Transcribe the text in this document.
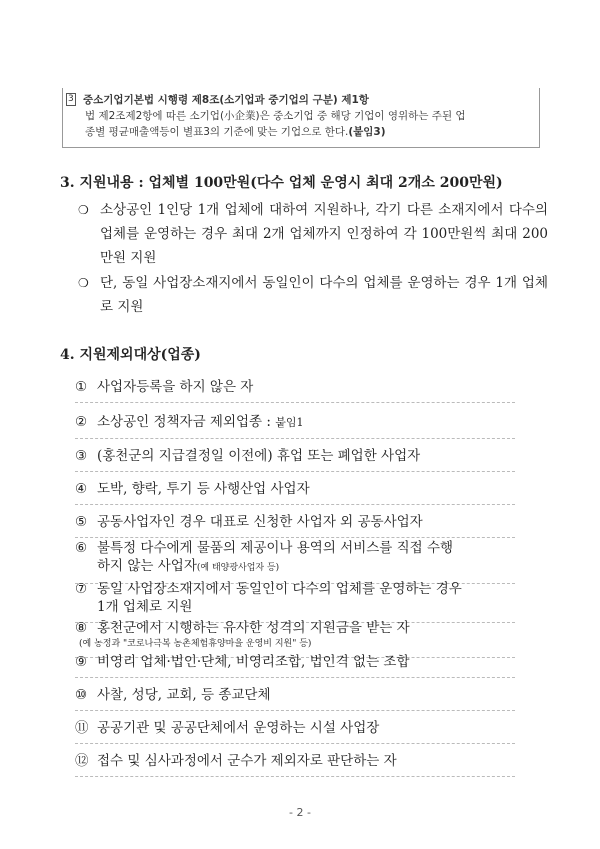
3 중소기업기본법 시행령 제8조(소기업과 중기업의 구분) 제1항
법 제2조제2항에 따른 소기업(小企業)은 중소기업 중 해당 기업이 영위하는 주된 업
종별 평균매출액등이 별표3의 기준에 맞는 기업으로 한다.(붙임3)
3. 지원내용 : 업체별 100만원(다수 업체 운영시 최대 2개소 200만원)
❍ 소상공인 1인당 1개 업체에 대하여 지원하나, 각기 다른 소재지에서 다수의 업체를 운영하는 경우 최대 2개 업체까지 인정하여 각 100만원씩 최대 200만원 지원
❍ 단, 동일 사업장소재지에서 동일인이 다수의 업체를 운영하는 경우 1개 업체로 지원
4. 지원제외대상(업종)
① 사업자등록을 하지 않은 자
② 소상공인 정책자금 제외업종 : 붙임1
③ (홍천군의 지급결정일 이전에) 휴업 또는 폐업한 사업자
④ 도박, 향락, 투기 등 사행산업 사업자
⑤ 공동사업자인 경우 대표로 신청한 사업자 외 공동사업자
⑥ 불특정 다수에게 물품의 제공이나 용역의 서비스를 직접 수행
하지 않는 사업자(예 태양광사업자 등)
⑦ 동일 사업장소재지에서 동일인이 다수의 업체를 운영하는 경우
1개 업체로 지원
⑧ 홍천군에서 시행하는 유사한 성격의 지원금을 받는 자
(예 농정과 "코로나극복 농촌체험휴양마을 운영비 지원" 등)
⑨ 비영리 업체·법인·단체, 비영리조합, 법인격 없는 조합
⑩ 사찰, 성당, 교회, 등 종교단체
⑪ 공공기관 및 공공단체에서 운영하는 시설 사업장
⑫ 접수 및 심사과정에서 군수가 제외자로 판단하는 자
- 2 -
